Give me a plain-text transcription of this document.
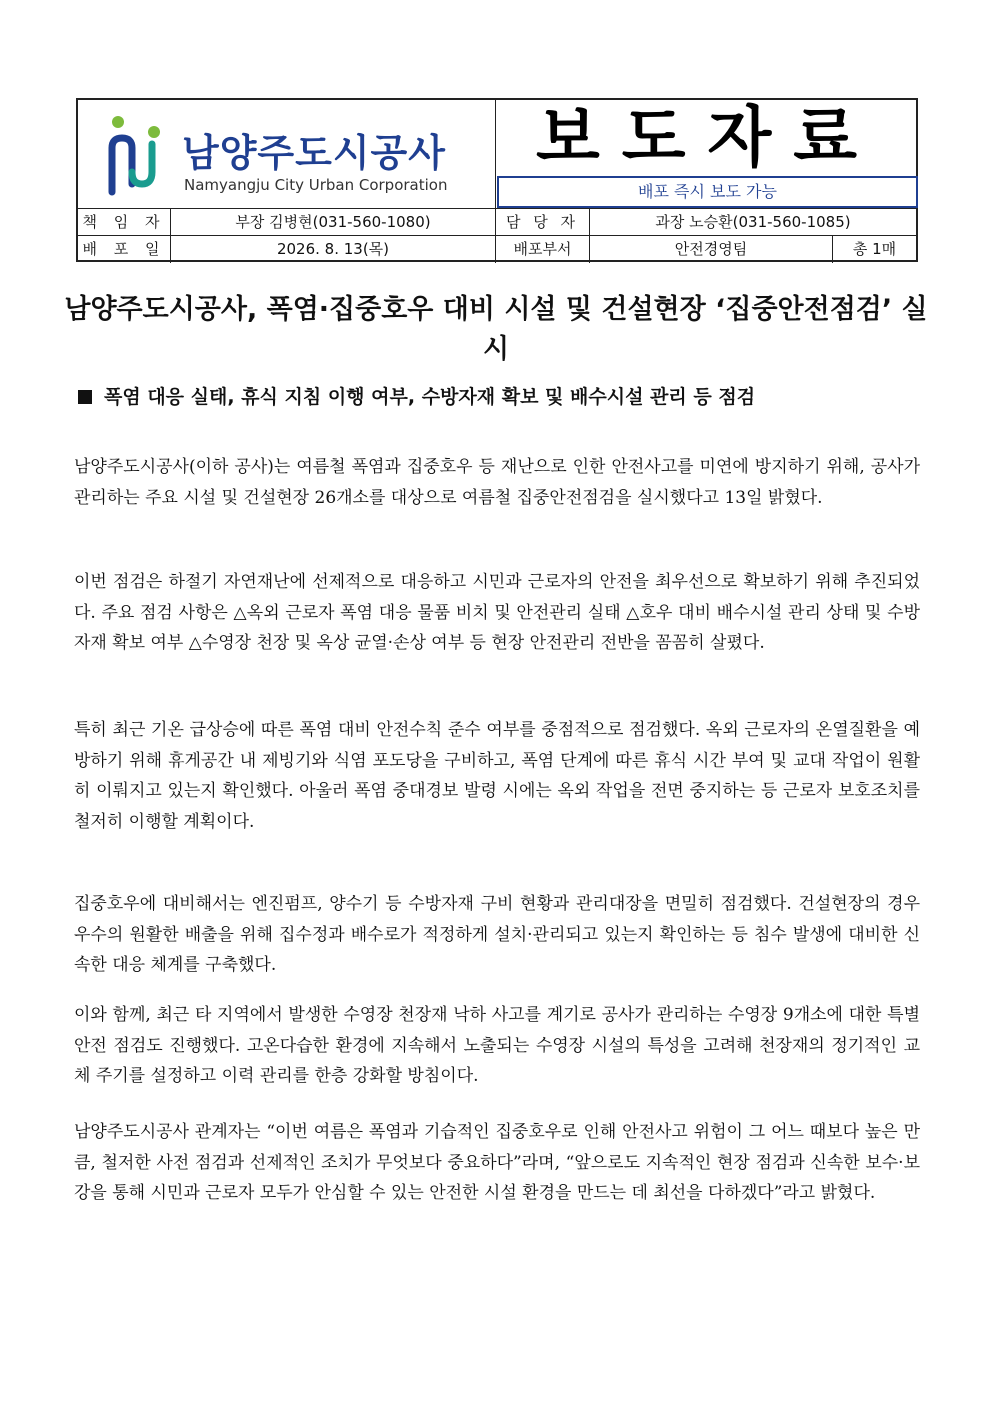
남양주도시공사
Namyangju City Urban Corporation
보도자료
배포 즉시 보도 가능
책 임 자	부장 김병현(031-560-1080)	담 당 자	과장 노승환(031-560-1085)
배 포 일	2026. 8. 13(목)	배포부서	안전경영팀	총 1매
남양주도시공사, 폭염·집중호우 대비 시설 및 건설현장 ‘집중안전점검’ 실시
폭염 대응 실태, 휴식 지침 이행 여부, 수방자재 확보 및 배수시설 관리 등 점검
남양주도시공사(이하 공사)는 여름철 폭염과 집중호우 등 재난으로 인한 안전사고를 미연에 방지하기 위해, 공사가 관리하는 주요 시설 및 건설현장 26개소를 대상으로 여름철 집중안전점검을 실시했다고 13일 밝혔다.
이번 점검은 하절기 자연재난에 선제적으로 대응하고 시민과 근로자의 안전을 최우선으로 확보하기 위해 추진되었다. 주요 점검 사항은 △옥외 근로자 폭염 대응 물품 비치 및 안전관리 실태 △호우 대비 배수시설 관리 상태 및 수방자재 확보 여부 △수영장 천장 및 옥상 균열·손상 여부 등 현장 안전관리 전반을 꼼꼼히 살폈다.
특히 최근 기온 급상승에 따른 폭염 대비 안전수칙 준수 여부를 중점적으로 점검했다. 옥외 근로자의 온열질환을 예방하기 위해 휴게공간 내 제빙기와 식염 포도당을 구비하고, 폭염 단계에 따른 휴식 시간 부여 및 교대 작업이 원활히 이뤄지고 있는지 확인했다. 아울러 폭염 중대경보 발령 시에는 옥외 작업을 전면 중지하는 등 근로자 보호조치를 철저히 이행할 계획이다.
집중호우에 대비해서는 엔진펌프, 양수기 등 수방자재 구비 현황과 관리대장을 면밀히 점검했다. 건설현장의 경우 우수의 원활한 배출을 위해 집수정과 배수로가 적정하게 설치·관리되고 있는지 확인하는 등 침수 발생에 대비한 신속한 대응 체계를 구축했다.
이와 함께, 최근 타 지역에서 발생한 수영장 천장재 낙하 사고를 계기로 공사가 관리하는 수영장 9개소에 대한 특별 안전 점검도 진행했다. 고온다습한 환경에 지속해서 노출되는 수영장 시설의 특성을 고려해 천장재의 정기적인 교체 주기를 설정하고 이력 관리를 한층 강화할 방침이다.
남양주도시공사 관계자는 “이번 여름은 폭염과 기습적인 집중호우로 인해 안전사고 위험이 그 어느 때보다 높은 만큼, 철저한 사전 점검과 선제적인 조치가 무엇보다 중요하다”라며, “앞으로도 지속적인 현장 점검과 신속한 보수·보강을 통해 시민과 근로자 모두가 안심할 수 있는 안전한 시설 환경을 만드는 데 최선을 다하겠다”라고 밝혔다.
